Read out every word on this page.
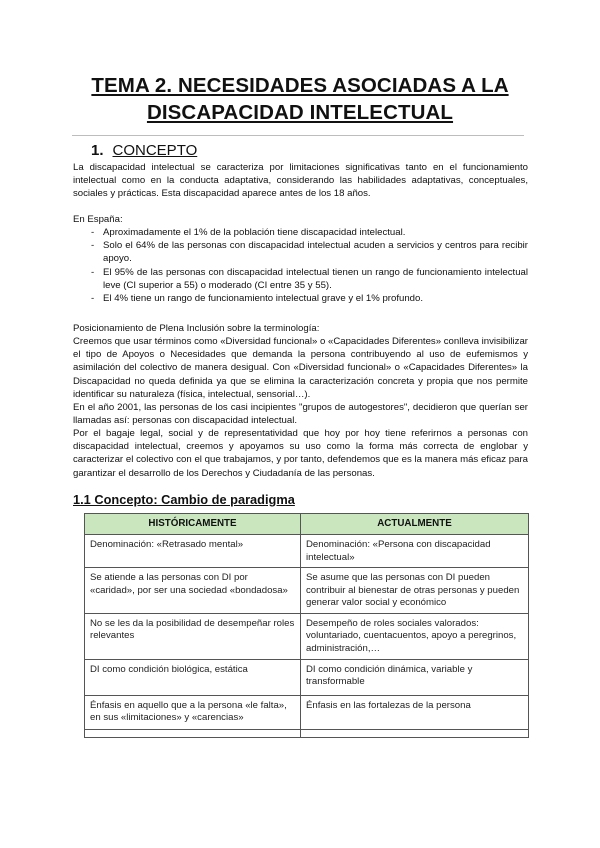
TEMA 2. NECESIDADES ASOCIADAS A LA
DISCAPACIDAD INTELECTUAL
1. CONCEPTO

La discapacidad intelectual se caracteriza por limitaciones significativas tanto en el funcionamiento intelectual como en la conducta adaptativa, considerando las habilidades adaptativas, conceptuales, sociales y prácticas. Esta discapacidad aparece antes de los 18 años.

En España:

- Aproximadamente el 1% de la población tiene discapacidad intelectual.
- Solo el 64% de las personas con discapacidad intelectual acuden a servicios y centros para recibir apoyo.
- El 95% de las personas con discapacidad intelectual tienen un rango de funcionamiento intelectual leve (CI superior a 55) o moderado (CI entre 35 y 55).
- El 4% tiene un rango de funcionamiento intelectual grave y el 1% profundo.

Posicionamiento de Plena Inclusión sobre la terminología:

Creemos que usar términos como «Diversidad funcional» o «Capacidades Diferentes» conlleva invisibilizar el tipo de Apoyos o Necesidades que demanda la persona contribuyendo al uso de eufemismos y asimilación del colectivo de manera desigual. Con «Diversidad funcional» o «Capacidades Diferentes» la Discapacidad no queda definida ya que se elimina la caracterización concreta y propia que nos permite identificar su naturaleza (física, intelectual, sensorial…).

En el año 2001, las personas de los casi incipientes "grupos de autogestores", decidieron que querían ser llamadas así: personas con discapacidad intelectual.

Por el bagaje legal, social y de representatividad que hoy por hoy tiene referirnos a personas con discapacidad intelectual, creemos y apoyamos su uso como la forma más correcta de englobar y caracterizar el colectivo con el que trabajamos, y por tanto, defendemos que es la manera más eficaz para garantizar el desarrollo de los Derechos y Ciudadanía de las personas.

1.1 Concepto: Cambio de paradigma
HISTÓRICAMENTE	ACTUALMENTE
Denominación: «Retrasado mental»	Denominación: «Persona con discapacidad intelectual»
Se atiende a las personas con DI por «caridad», por ser una sociedad «bondadosa»	Se asume que las personas con DI pueden contribuir al bienestar de otras personas y pueden generar valor social y económico
No se les da la posibilidad de desempeñar roles relevantes	Desempeño de roles sociales valorados: voluntariado, cuentacuentos, apoyo a peregrinos, administración,…
DI como condición biológica, estática	DI como condición dinámica, variable y transformable
Énfasis en aquello que a la persona «le falta», en sus «limitaciones» y «carencias»	Énfasis en las fortalezas de la persona
